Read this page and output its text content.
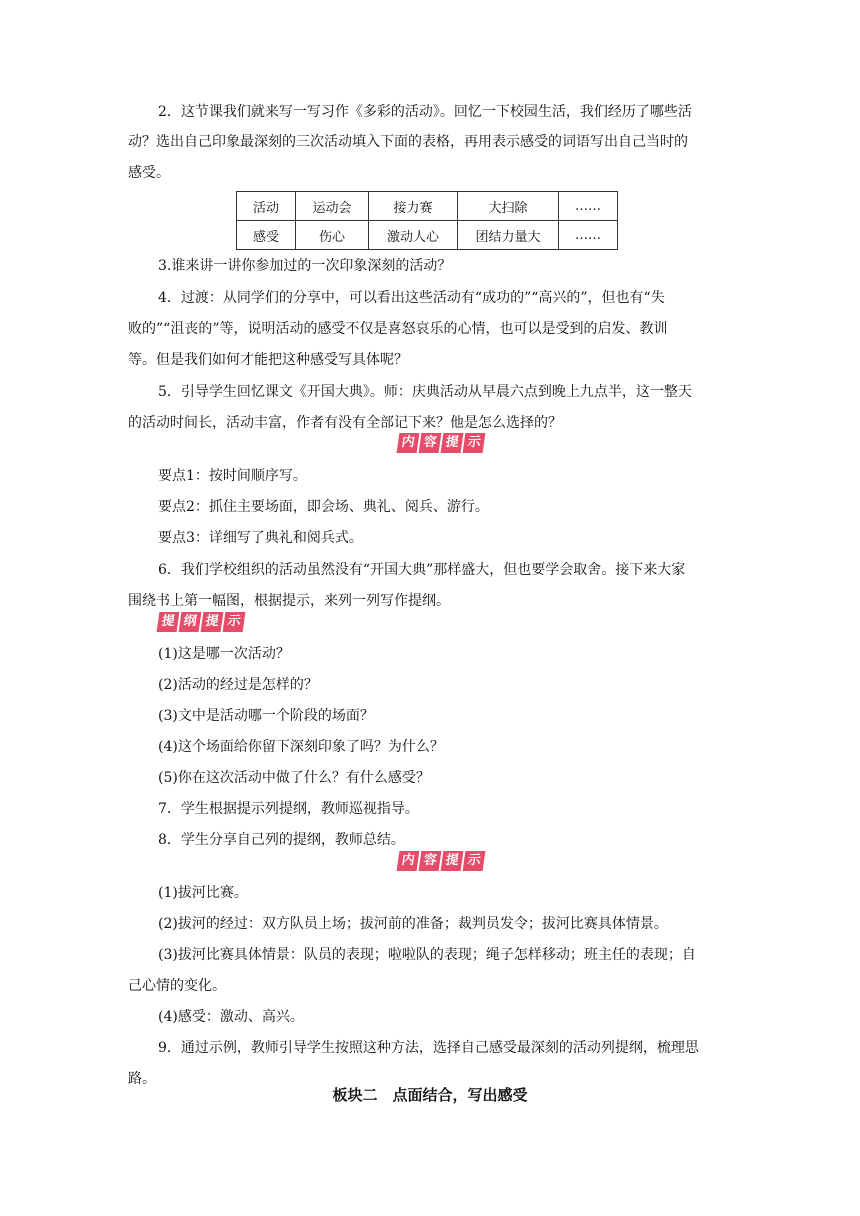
2．这节课我们就来写一写习作《多彩的活动》。回忆一下校园生活，我们经历了哪些活
动？选出自己印象最深刻的三次活动填入下面的表格，再用表示感受的词语写出自己当时的
感受。
活动	运动会	接力赛	大扫除	……
感受	伤心	激动人心	团结力量大	……
3.谁来讲一讲你参加过的一次印象深刻的活动？
4．过渡：从同学们的分享中，可以看出这些活动有“成功的”“高兴的”，但也有“失
败的”“沮丧的”等，说明活动的感受不仅是喜怒哀乐的心情，也可以是受到的启发、教训
等。但是我们如何才能把这种感受写具体呢？
5．引导学生回忆课文《开国大典》。师：庆典活动从早晨六点到晚上九点半，这一整天
的活动时间长，活动丰富，作者有没有全部记下来？他是怎么选择的？
内 容 提 示
要点1：按时间顺序写。
要点2：抓住主要场面，即会场、典礼、阅兵、游行。
要点3：详细写了典礼和阅兵式。
6．我们学校组织的活动虽然没有“开国大典”那样盛大，但也要学会取舍。接下来大家
围绕书上第一幅图，根据提示，来列一列写作提纲。
提 纲 提 示
(1)这是哪一次活动？
(2)活动的经过是怎样的？
(3)文中是活动哪一个阶段的场面？
(4)这个场面给你留下深刻印象了吗？为什么？
(5)你在这次活动中做了什么？有什么感受？
7．学生根据提示列提纲，教师巡视指导。
8．学生分享自己列的提纲，教师总结。
内 容 提 示
(1)拔河比赛。
(2)拔河的经过：双方队员上场；拔河前的准备；裁判员发令；拔河比赛具体情景。
(3)拔河比赛具体情景：队员的表现；啦啦队的表现；绳子怎样移动；班主任的表现；自
己心情的变化。
(4)感受：激动、高兴。
9．通过示例，教师引导学生按照这种方法，选择自己感受最深刻的活动列提纲，梳理思
路。
板块二　点面结合，写出感受
